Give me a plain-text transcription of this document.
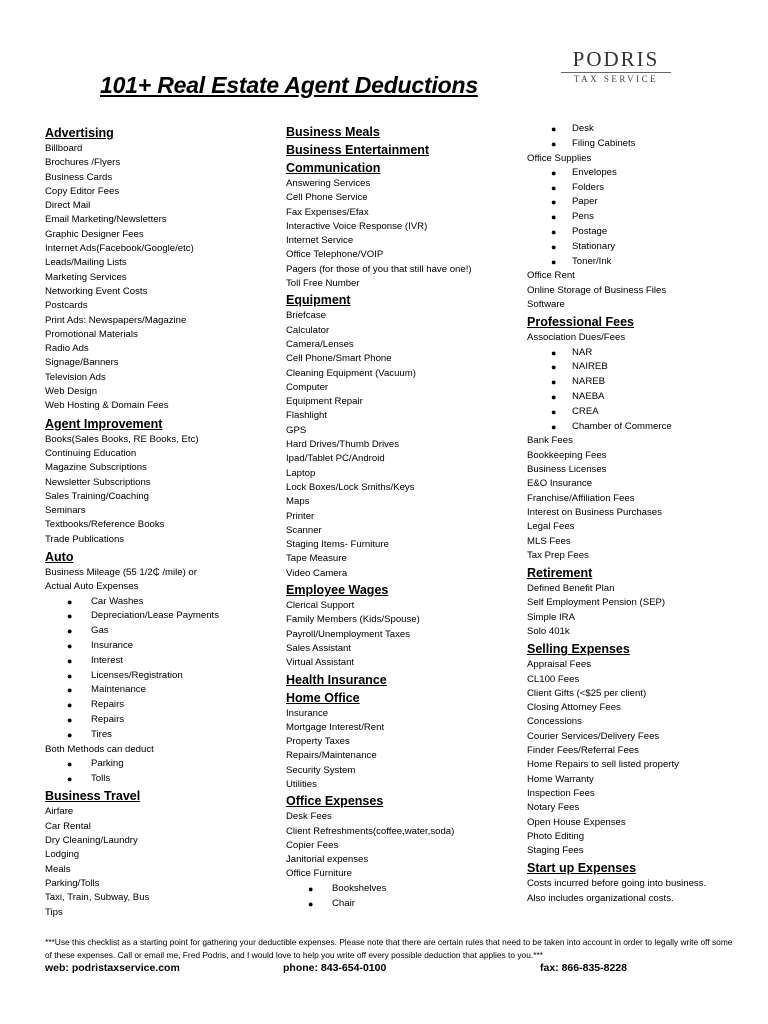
101+ Real Estate Agent Deductions
PODRIS
TAX SERVICE
Advertising
Billboard
Brochures /Flyers
Business Cards
Copy Editor Fees
Direct Mail
Email Marketing/Newsletters
Graphic Designer Fees
Internet Ads(Facebook/Google/etc)
Leads/Mailing Lists
Marketing Services
Networking Event Costs
Postcards
Print Ads: Newspapers/Magazine
Promotional Materials
Radio Ads
Signage/Banners
Television Ads
Web Design
Web Hosting & Domain Fees
Agent Improvement
Books(Sales Books, RE Books, Etc)
Continuing Education
Magazine Subscriptions
Newsletter Subscriptions
Sales Training/Coaching
Seminars
Textbooks/Reference Books
Trade Publications
Auto
Business Mileage (55 1/2₵ /mile) or
Actual Auto Expenses
● Car Washes
● Depreciation/Lease Payments
● Gas
● Insurance
● Interest
● Licenses/Registration
● Maintenance
● Repairs
● Repairs
● Tires
Both Methods can deduct
● Parking
● Tolls
Business Travel
Airfare
Car Rental
Dry Cleaning/Laundry
Lodging
Meals
Parking/Tolls
Taxi, Train, Subway, Bus
Tips
Business Meals
Business Entertainment
Communication
Answering Services
Cell Phone Service
Fax Expenses/Efax
Interactive Voice Response (IVR)
Internet Service
Office Telephone/VOIP
Pagers (for those of you that still have one!)
Toll Free Number
Equipment
Briefcase
Calculator
Camera/Lenses
Cell Phone/Smart Phone
Cleaning Equipment (Vacuum)
Computer
Equipment Repair
Flashlight
GPS
Hard Drives/Thumb Drives
Ipad/Tablet PC/Android
Laptop
Lock Boxes/Lock Smiths/Keys
Maps
Printer
Scanner
Staging Items- Furniture
Tape Measure
Video Camera
Employee Wages
Clerical Support
Family Members (Kids/Spouse)
Payroll/Unemployment Taxes
Sales Assistant
Virtual Assistant
Health Insurance
Home Office
Insurance
Mortgage Interest/Rent
Property Taxes
Repairs/Maintenance
Security System
Utilities
Office Expenses
Desk Fees
Client Refreshments(coffee,water,soda)
Copier Fees
Janitorial expenses
Office Furniture
● Bookshelves
● Chair
● Desk
● Filing Cabinets
Office Supplies
● Envelopes
● Folders
● Paper
● Pens
● Postage
● Stationary
● Toner/Ink
Office Rent
Online Storage of Business Files
Software
Professional Fees
Association Dues/Fees
● NAR
● NAIREB
● NAREB
● NAEBA
● CREA
● Chamber of Commerce
Bank Fees
Bookkeeping Fees
Business Licenses
E&O Insurance
Franchise/Affiliation Fees
Interest on Business Purchases
Legal Fees
MLS Fees
Tax Prep Fees
Retirement
Defined Benefit Plan
Self Employment Pension (SEP)
Simple IRA
Solo 401k
Selling Expenses
Appraisal Fees
CL100 Fees
Client Gifts (<$25 per client)
Closing Attorney Fees
Concessions
Courier Services/Delivery Fees
Finder Fees/Referral Fees
Home Repairs to sell listed property
Home Warranty
Inspection Fees
Notary Fees
Open House Expenses
Photo Editing
Staging Fees
Start up Expenses
Costs incurred before going into business.
Also includes organizational costs.
***Use this checklist as a starting point for gathering your deductible expenses. Please note that there are certain rules that need to be taken into account in order to legally write off some of these expenses. Call or email me, Fred Podris, and I would love to help you write off every possible deduction that applies to you.***
web: podristaxservice.com	phone: 843-654-0100	fax: 866-835-8228
